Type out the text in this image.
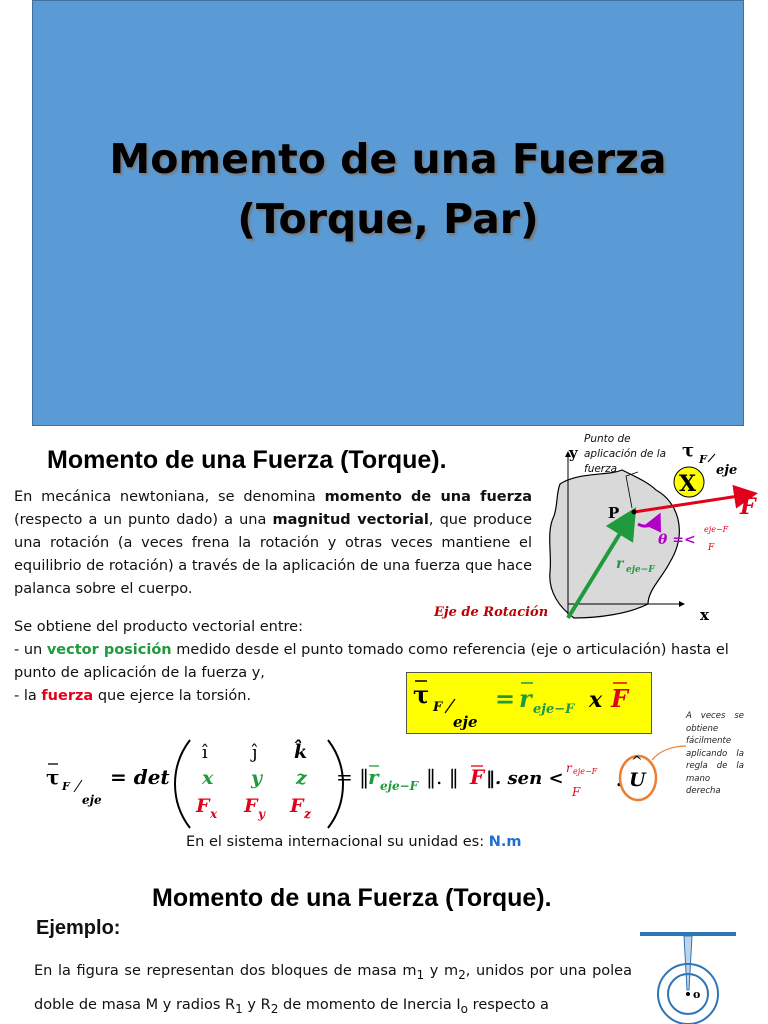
Momento de una Fuerza
(Torque, Par)
Momento de una Fuerza (Torque).
En mecánica newtoniana, se denomina momento de una fuerza (respecto a un punto dado) a una magnitud vectorial, que produce una rotación (a veces frena la rotación y otras veces mantiene el equilibrio de rotación) a través de la aplicación de una fuerza que hace palanca sobre el cuerpo.
y
x
P
X
τ F
eje
F
r eje−F
θ =<
eje−F
F
Eje de Rotación
Punto de aplicación de la fuerza
Se obtiene del producto vectorial entre:
- un vector posición medido desde el punto tomado como referencia (eje o articulación) hasta el punto de aplicación de la fuerza y,
- la fuerza que ejerce la torsión.	τ F
eje
= r eje−F x F
A veces se obtiene fácilmente aplicando la regla de la mano derecha
τ F
eje
= det
î ĵ k̂
x y z
F x F y F z
= ‖
r eje−F ‖. ‖ F ‖. sen < r eje−F
F
. U
^
En el sistema internacional su unidad es: N.m
Momento de una Fuerza (Torque).
Ejemplo:
En la figura se representan dos bloques de masa $m_1$ y $m_2$, unidos por una polea doble de masa M y radios $R_1$ y $R_2$ de momento de Inercia $I_o$ respecto a
o
